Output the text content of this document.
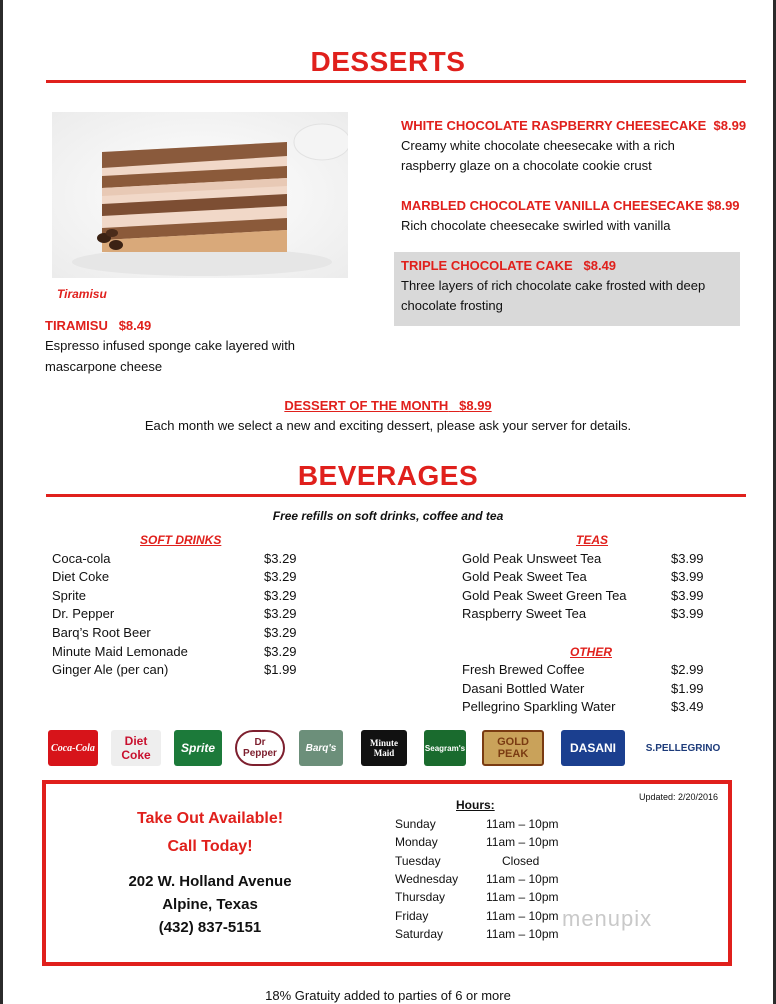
DESSERTS
Tiramisu
TIRAMISU $8.49
Espresso infused sponge cake layered with
mascarpone cheese
WHITE CHOCOLATE RASPBERRY CHEESECAKE $8.99
Creamy white chocolate cheesecake with a rich
raspberry glaze on a chocolate cookie crust
MARBLED CHOCOLATE VANILLA CHEESECAKE $8.99
Rich chocolate cheesecake swirled with vanilla
TRIPLE CHOCOLATE CAKE $8.49
Three layers of rich chocolate cake frosted with deep
chocolate frosting
DESSERT OF THE MONTH $8.99
Each month we select a new and exciting dessert, please ask your server for details.
BEVERAGES
Free refills on soft drinks, coffee and tea
SOFT DRINKS	TEAS
OTHER
Coca-cola	$3.29
Diet Coke	$3.29
Sprite	$3.29
Dr. Pepper	$3.29
Barq’s Root Beer	$3.29
Minute Maid Lemonade	$3.29
Ginger Ale (per can)	$1.99
Gold Peak Unsweet Tea	$3.99
Gold Peak Sweet Tea	$3.99
Gold Peak Sweet Green Tea	$3.99
Raspberry Sweet Tea	$3.99
Fresh Brewed Coffee	$2.99
Dasani Bottled Water	$1.99
Pellegrino Sparkling Water	$3.49
Coca-Cola	Diet Coke	Sprite	Dr Pepper	Barq's	Minute Maid	Seagram's	GOLD PEAK	DASANI	S.PELLEGRINO
Updated: 2/20/2016
Take Out Available!
Call Today!
202 W. Holland Avenue
Alpine, Texas
(432) 837-5151
Hours:
Sunday	11am – 10pm
Monday	11am – 10pm
Tuesday	Closed
Wednesday 11am – 10pm
Thursday	11am – 10pm
Friday	11am – 10pm
Saturday	11am – 10pm
menupix
18% Gratuity added to parties of 6 or more
